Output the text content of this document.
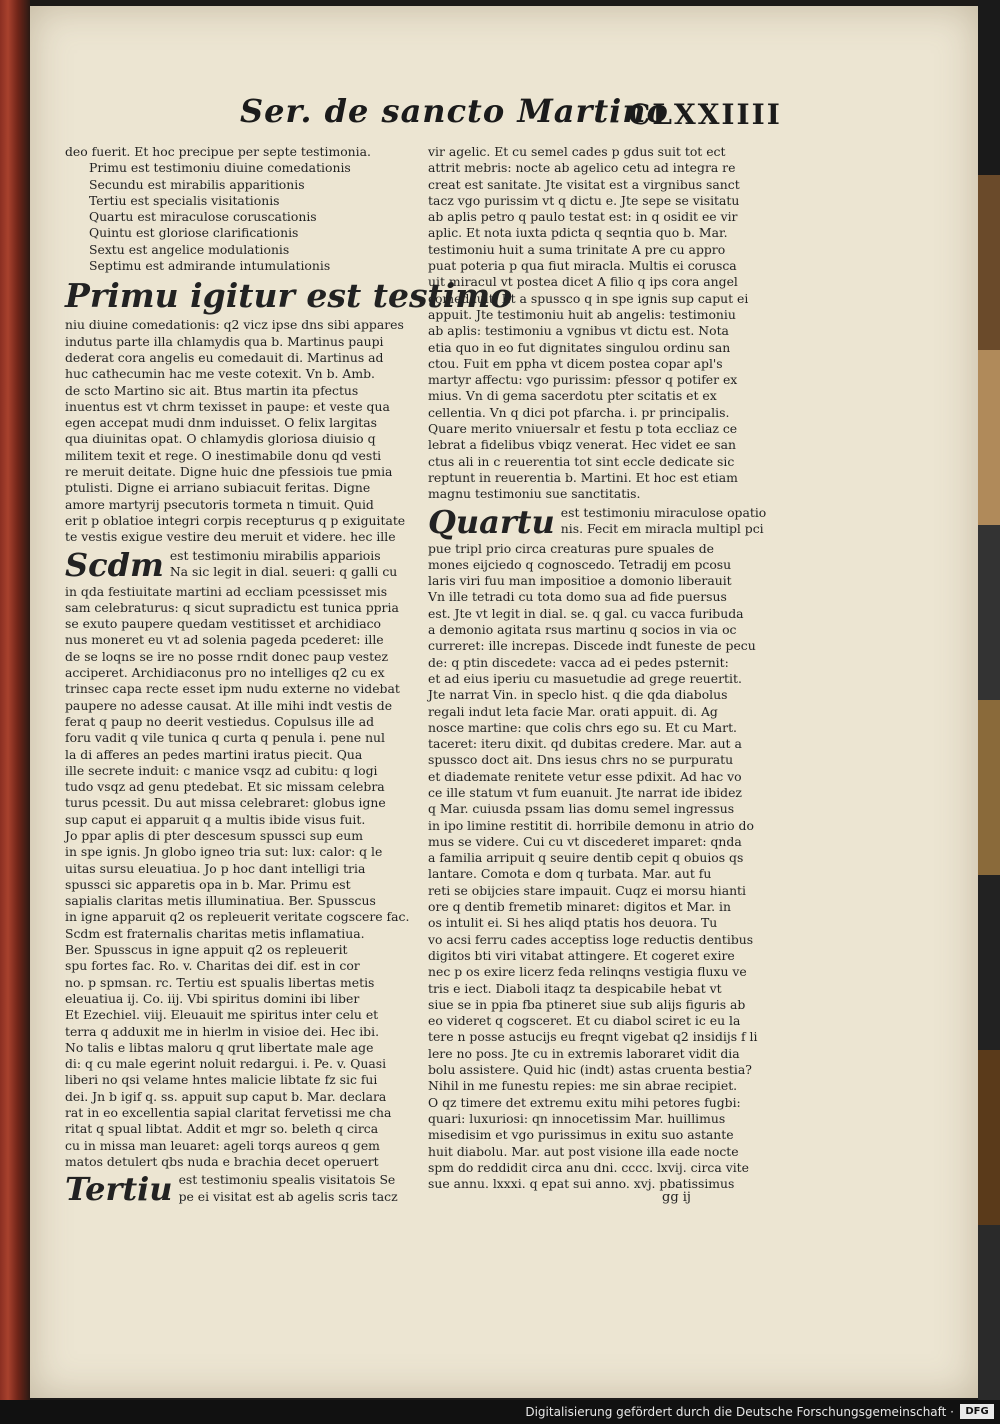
Ser. de sancto Martino
CLXXIIII
deo fuerit. Et hoc precipue per septe testimonia.
Primu est testimoniu diuine comedationis
Secundu est mirabilis apparitionis
Tertiu est specialis visitationis
Quartu est miraculose coruscationis
Quintu est gloriose clarificationis
Sextu est angelice modulationis
Septimu est admirande intumulationis
Primu igitur est testimo
niu diuine comedationis: q2 vicz ipse dns sibi appares
indutus parte illa chlamydis qua b. Martinus paupi
dederat cora angelis eu comedauit di. Martinus ad
huc cathecumin hac me veste cotexit. Vn b. Amb.
de scto Martino sic ait. Btus martin ita pfectus
inuentus est vt chrm texisset in paupe: et veste qua
egen accepat mudi dnm induisset. O felix largitas
qua diuinitas opat. O chlamydis gloriosa diuisio q
militem texit et rege. O inestimabile donu qd vesti
re meruit deitate. Digne huic dne pfessiois tue pmia
ptulisti. Digne ei arriano subiacuit feritas. Digne
amore martyrij psecutoris tormeta n timuit. Quid
erit p oblatioe integri corpis recepturus q p exiguitate
te vestis exigue vestire deu meruit et videre. hec ille
Scdm est testimoniu mirabilis appariois
Na sic legit in dial. seueri: q galli cu
in qda festiuitate martini ad eccliam pcessisset mis
sam celebraturus: q sicut supradictu est tunica ppria
se exuto paupere quedam vestitisset et archidiaco
nus moneret eu vt ad solenia pageda pcederet: ille
de se loqns se ire no posse rndit donec paup vestez
acciperet. Archidiaconus pro no intelliges q2 cu ex
trinsec capa recte esset ipm nudu externe no videbat
paupere no adesse causat. At ille mihi indt vestis de
ferat q paup no deerit vestiedus. Copulsus ille ad
foru vadit q vile tunica q curta q penula i. pene nul
la di afferes an pedes martini iratus piecit. Qua
ille secrete induit: c manice vsqz ad cubitu: q logi
tudo vsqz ad genu ptedebat. Et sic missam celebra
turus pcessit. Du aut missa celebraret: globus igne
sup caput ei apparuit q a multis ibide visus fuit.
Jo ppar aplis di pter descesum spussci sup eum
in spe ignis. Jn globo igneo tria sut: lux: calor: q le
uitas sursu eleuatiua. Jo p hoc dant intelligi tria
spussci sic apparetis opa in b. Mar. Primu est
sapialis claritas metis illuminatiua. Ber. Spusscus
in igne apparuit q2 os repleuerit veritate cogscere fac.
Scdm est fraternalis charitas metis inflamatiua.
Ber. Spusscus in igne appuit q2 os repleuerit
spu fortes fac. Ro. v. Charitas dei dif. est in cor
no. p spmsan. rc. Tertiu est spualis libertas metis
eleuatiua ij. Co. iij. Vbi spiritus domini ibi liber
Et Ezechiel. viij. Eleuauit me spiritus inter celu et
terra q adduxit me in hierlm in visioe dei. Hec ibi.
No talis e libtas maloru q qrut libertate male age
di: q cu male egerint noluit redargui. i. Pe. v. Quasi
liberi no qsi velame hntes malicie libtate fz sic fui
dei. Jn b igif q. ss. appuit sup caput b. Mar. declara
rat in eo excellentia sapial claritat fervetissi me cha
ritat q spual libtat. Addit et mgr so. beleth q circa
cu in missa man leuaret: ageli torqs aureos q gem
matos detulert qbs nuda e brachia decet operuert
Tertiu est testimoniu spealis visitatois Se
pe ei visitat est ab agelis scris tacz
vir agelic. Et cu semel cades p gdus suit tot ect
attrit mebris: nocte ab agelico cetu ad integra re
creat est sanitate. Jte visitat est a virgnibus sanct
tacz vgo purissim vt q dictu e. Jte sepe se visitatu
ab aplis petro q paulo testat est: in q osidit ee vir
aplic. Et nota iuxta pdicta q seqntia quo b. Mar.
testimoniu huit a suma trinitate A pre cu appro
puat poteria p qua fiut miracla. Multis ei corusca
uit miracul vt postea dicet A filio q ips cora angel
comedauit. Et a spussco q in spe ignis sup caput ei
appuit. Jte testimoniu huit ab angelis: testimoniu
ab aplis: testimoniu a vgnibus vt dictu est. Nota
etia quo in eo fut dignitates singulou ordinu san
ctou. Fuit em ppha vt dicem postea copar apl's
martyr affectu: vgo purissim: pfessor q potifer ex
mius. Vn di gema sacerdotu pter scitatis et ex
cellentia. Vn q dici pot pfarcha. i. pr principalis.
Quare merito vniuersalr et festu p tota eccliaz ce
lebrat a fidelibus vbiqz venerat. Hec videt ee san
ctus ali in c reuerentia tot sint eccle dedicate sic
reptunt in reuerentia b. Martini. Et hoc est etiam
magnu testimoniu sue sanctitatis.
Quartu est testimoniu miraculose opatio
nis. Fecit em miracla multipl pci
pue tripl prio circa creaturas pure spuales de
mones eijciedo q cognoscedo. Tetradij em pcosu
laris viri fuu man impositioe a domonio liberauit
Vn ille tetradi cu tota domo sua ad fide puersus
est. Jte vt legit in dial. se. q gal. cu vacca furibuda
a demonio agitata rsus martinu q socios in via oc
curreret: ille increpas. Discede indt funeste de pecu
de: q ptin discedete: vacca ad ei pedes psternit:
et ad eius iperiu cu masuetudie ad grege reuertit.
Jte narrat Vin. in speclo hist. q die qda diabolus
regali indut leta facie Mar. orati appuit. di. Ag
nosce martine: que colis chrs ego su. Et cu Mart.
taceret: iteru dixit. qd dubitas credere. Mar. aut a
spussco doct ait. Dns iesus chrs no se purpuratu
et diademate renitete vetur esse pdixit. Ad hac vo
ce ille statum vt fum euanuit. Jte narrat ide ibidez
q Mar. cuiusda pssam lias domu semel ingressus
in ipo limine restitit di. horribile demonu in atrio do
mus se videre. Cui cu vt discederet imparet: qnda
a familia arripuit q seuire dentib cepit q obuios qs
lantare. Comota e dom q turbata. Mar. aut fu
reti se obijcies stare impauit. Cuqz ei morsu hianti
ore q dentib fremetib minaret: digitos et Mar. in
os intulit ei. Si hes aliqd ptatis hos deuora. Tu
vo acsi ferru cades acceptiss loge reductis dentibus
digitos bti viri vitabat attingere. Et cogeret exire
nec p os exire licerz feda relinqns vestigia fluxu ve
tris e iect. Diaboli itaqz ta despicabile hebat vt
siue se in ppia fba ptineret siue sub alijs figuris ab
eo videret q cogsceret. Et cu diabol sciret ic eu la
tere n posse astucijs eu freqnt vigebat q2 insidijs f li
lere no poss. Jte cu in extremis laboraret vidit dia
bolu assistere. Quid hic (indt) astas cruenta bestia?
Nihil in me funestu repies: me sin abrae recipiet.
O qz timere det extremu exitu mihi petores fugbi:
quari: luxuriosi: qn innocetissim Mar. huillimus
misedisim et vgo purissimus in exitu suo astante
huit diabolu. Mar. aut post visione illa eade nocte
spm do reddidit circa anu dni. cccc. lxvij. circa vite
sue annu. lxxxi. q epat sui anno. xvj. pbatissimus
gg ij
Digitalisierung gefördert durch die Deutsche Forschungsgemeinschaft ·	DFG
